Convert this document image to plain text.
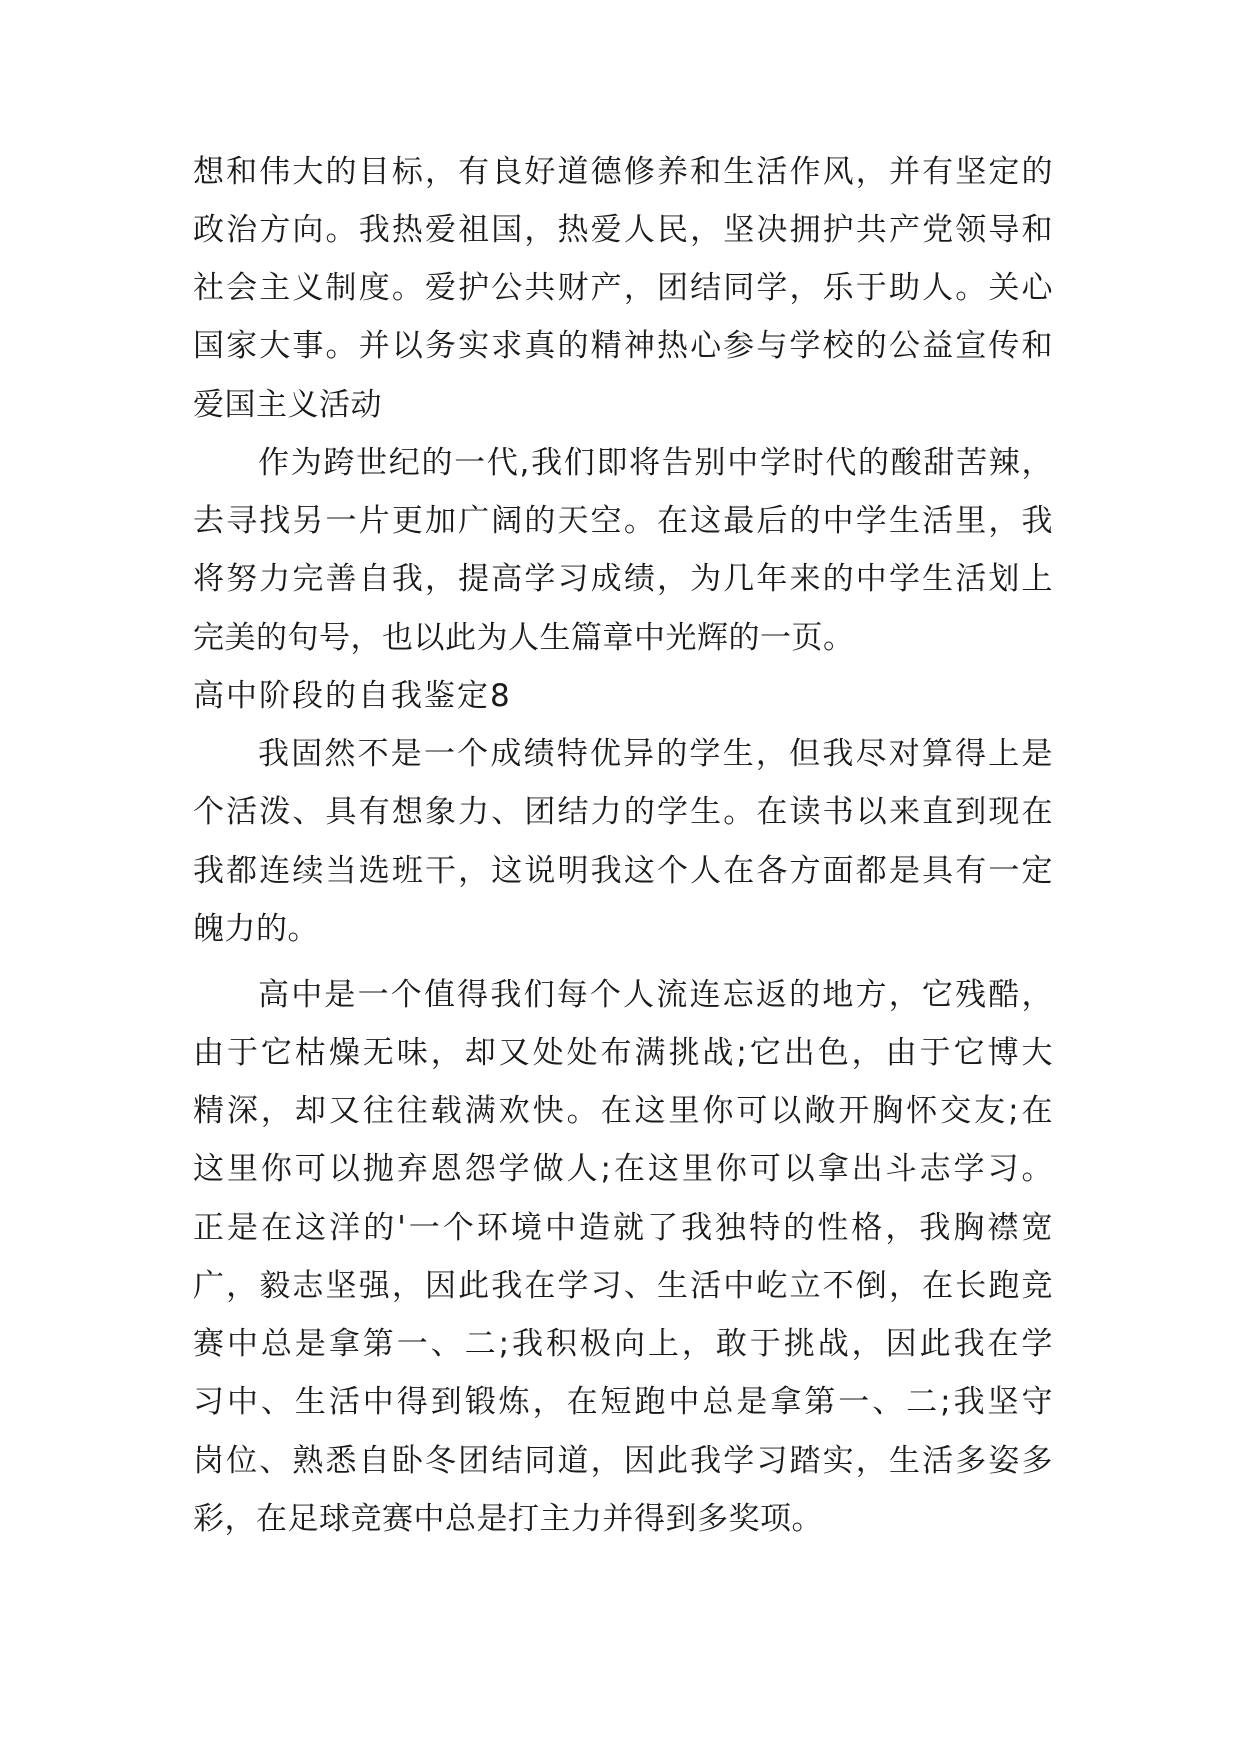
想和伟大的目标，有良好道德修养和生活作风，并有坚定的
政治方向。我热爱祖国，热爱人民，坚决拥护共产党领导和
社会主义制度。爱护公共财产，团结同学，乐于助人。关心
国家大事。并以务实求真的精神热心参与学校的公益宣传和
爱国主义活动
作为跨世纪的一代,我们即将告别中学时代的酸甜苦辣，
去寻找另一片更加广阔的天空。在这最后的中学生活里，我
将努力完善自我，提高学习成绩，为几年来的中学生活划上
完美的句号，也以此为人生篇章中光辉的一页。
高中阶段的自我鉴定8
我固然不是一个成绩特优异的学生，但我尽对算得上是
个活泼、具有想象力、团结力的学生。在读书以来直到现在
我都连续当选班干，这说明我这个人在各方面都是具有一定
魄力的。
高中是一个值得我们每个人流连忘返的地方，它残酷，
由于它枯燥无味，却又处处布满挑战;它出色，由于它博大
精深，却又往往载满欢快。在这里你可以敞开胸怀交友;在
这里你可以抛弃恩怨学做人;在这里你可以拿出斗志学习。
正是在这洋的'一个环境中造就了我独特的性格，我胸襟宽
广，毅志坚强，因此我在学习、生活中屹立不倒，在长跑竞
赛中总是拿第一、二;我积极向上，敢于挑战，因此我在学
习中、生活中得到锻炼，在短跑中总是拿第一、二;我坚守
岗位、熟悉自卧冬团结同道，因此我学习踏实，生活多姿多
彩，在足球竞赛中总是打主力并得到多奖项。
